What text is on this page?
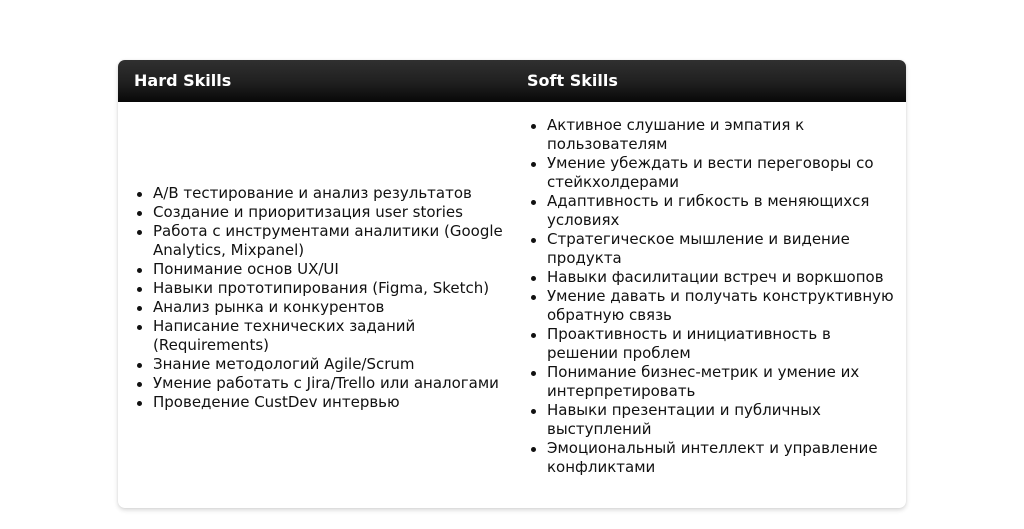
Hard Skills	Soft Skills
A/B тестирование и анализ результатов
Создание и приоритизация user stories
Работа с инструментами аналитики (Google Analytics, Mixpanel)
Понимание основ UX/UI
Навыки прототипирования (Figma, Sketch)
Анализ рынка и конкурентов
Написание технических заданий (Requirements)
Знание методологий Agile/Scrum
Умение работать с Jira/Trello или аналогами
Проведение CustDev интервью
Активное слушание и эмпатия к пользователям
Умение убеждать и вести переговоры со стейкхолдерами
Адаптивность и гибкость в меняющихся условиях
Стратегическое мышление и видение продукта
Навыки фасилитации встреч и воркшопов
Умение давать и получать конструктивную обратную связь
Проактивность и инициативность в решении проблем
Понимание бизнес-метрик и умение их интерпретировать
Навыки презентации и публичных выступлений
Эмоциональный интеллект и управление конфликтами
